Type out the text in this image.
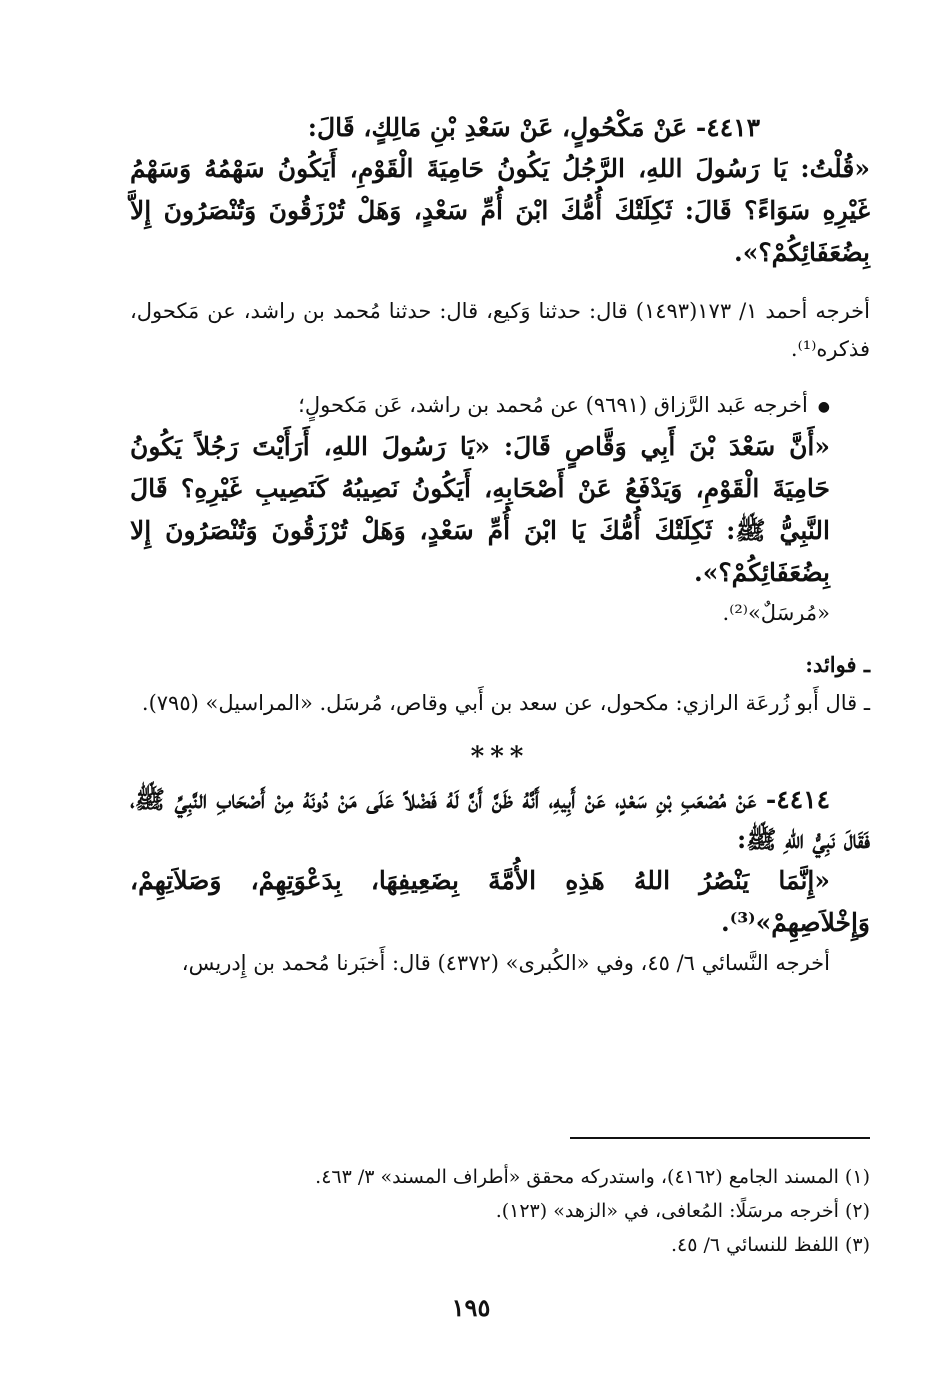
٤٤١٣- عَنْ مَكْحُولٍ، عَنْ سَعْدِ بْنِ مَالِكٍ، قَالَ:

«قُلْتُ: يَا رَسُولَ اللهِ، الرَّجُلُ يَكُونُ حَامِيَةَ الْقَوْمِ، أَيَكُونُ سَهْمُهُ وَسَهْمُ غَيْرِهِ سَوَاءً؟ قَالَ: ثَكِلَتْكَ أُمُّكَ ابْنَ أُمِّ سَعْدٍ، وَهَلْ تُرْزَقُونَ وَتُنْصَرُونَ إِلاَّ بِضُعَفَائِكُمْ؟».

أخرجه أحمد ١/ ١٧٣(١٤٩٣) قال: حدثنا وَكيع، قال: حدثنا مُحمد بن راشد، عن مَكحول، فذكره⁽¹⁾.

●أخرجه عَبد الرَّزاق (٩٦٩١) عن مُحمد بن راشد، عَن مَكحولٍ؛

«أَنَّ سَعْدَ بْنَ أَبِي وَقَّاصٍ قَالَ: «يَا رَسُولَ اللهِ، أَرَأَيْتَ رَجُلاً يَكُونُ حَامِيَةَ الْقَوْمِ، وَيَدْفَعُ عَنْ أَصْحَابِهِ، أَيَكُونُ نَصِيبُهُ كَنَصِيبِ غَيْرِهِ؟ قَالَ النَّبِيُّ ﷺ: ثَكِلَتْكَ أُمُّكَ يَا ابْنَ أُمِّ سَعْدٍ، وَهَلْ تُرْزَقُونَ وَتُنْصَرُونَ إِلا بِضُعَفَائِكُمْ؟».

«مُرسَلٌ»⁽²⁾.

ـ فوائد:

ـ قال أَبو زُرعَة الرازي: مكحول، عن سعد بن أَبي وقاص، مُرسَل. «المراسيل» (٧٩٥).

***

٤٤١٤- عَنْ مُصْعَبِ بْنِ سَعْدٍ، عَنْ أَبِيهِ، أَنَّهُ ظَنَّ أَنَّ لَهُ فَضْلاً عَلَى مَنْ دُونَهُ مِنْ أَصْحَابِ النَّبِيِّ ﷺ، فَقَالَ نَبِيُّ اللهِ ﷺ:

«إِنَّمَا يَنْصُرُ اللهُ هَذِهِ الأُمَّةَ بِضَعِيفِهَا، بِدَعْوَتِهِمْ، وَصَلاَتِهِمْ، وَإِخْلاَصِهِمْ»⁽³⁾.

أخرجه النَّسائي ٦/ ٤٥، وفي «الكُبرى» (٤٣٧٢) قال: أَخبَرنا مُحمد بن إِدريس،

(١) المسند الجامع (٤١٦٢)، واستدركه محقق «أطراف المسند» ٣/ ٤٦٣.

(٢) أخرجه مرسَلًا: المُعافى، في «الزهد» (١٢٣).

(٣) اللفظ للنسائي ٦/ ٤٥.

١٩٥
